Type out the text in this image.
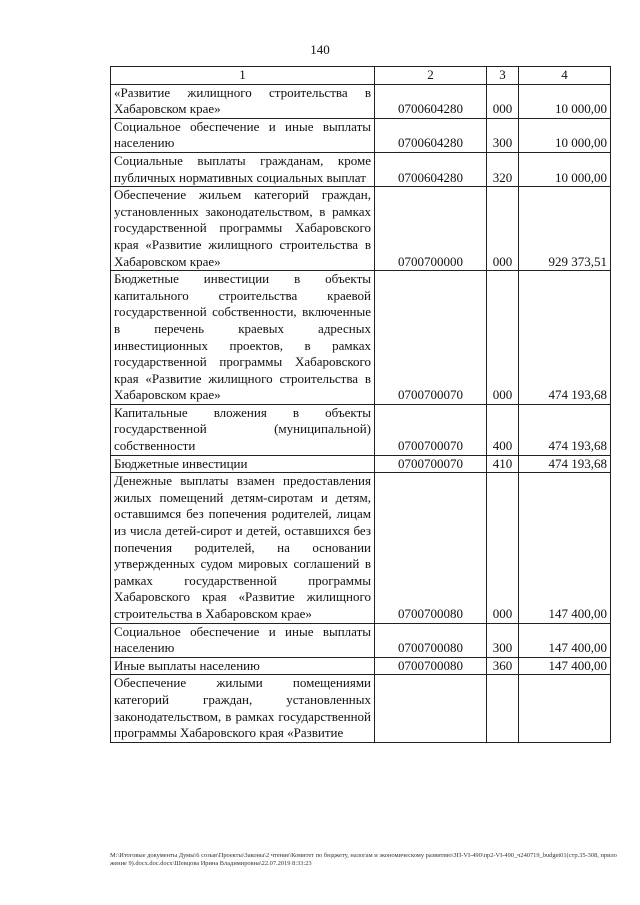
140
1	2	3	4
«Развитие жилищного строительства в Хабаровском крае»	0700604280	000	10 000,00
Социальное обеспечение и иные выплаты населению	0700604280	300	10 000,00
Социальные выплаты гражданам, кроме публичных нормативных социальных выплат	0700604280	320	10 000,00
Обеспечение жильем категорий граждан, установленных законодательством, в рамках государственной программы Хабаровского края «Развитие жилищного строительства в Хабаровском крае»	0700700000	000	929 373,51
Бюджетные инвестиции в объекты капитального строительства краевой государственной собственности, включенные в перечень краевых адресных инвестиционных проектов, в рамках государственной программы Хабаровского края «Развитие жилищного строительства в Хабаровском крае»	0700700070	000	474 193,68
Капитальные вложения в объекты государственной (муниципальной) собственности	0700700070	400	474 193,68
Бюджетные инвестиции	0700700070	410	474 193,68
Денежные выплаты взамен предоставления жилых помещений детям-сиротам и детям, оставшимся без попечения родителей, лицам из числа детей-сирот и детей, оставшихся без попечения родителей, на основании утвержденных судом мировых соглашений в рамках государственной программы Хабаровского края «Развитие жилищного строительства в Хабаровском крае»	0700700080	000	147 400,00
Социальное обеспечение и иные выплаты населению	0700700080	300	147 400,00
Иные выплаты населению	0700700080	360	147 400,00
Обеспечение жилыми помещениями категорий граждан, установленных законодательством, в рамках государственной программы Хабаровского края «Развитие			
М:\Итоговые документы Думы\6 созыв\Проекты\Законы\2 чтение\Комитет по бюджету, налогам и экономическому развитию\ЗП-VI-490\пр2-VI-490_ч240719_budget01(стр.35-308, приложение 9).docx.doc.docx\Шевцова Ирина Владимировна\22.07.2019 8:33:23
